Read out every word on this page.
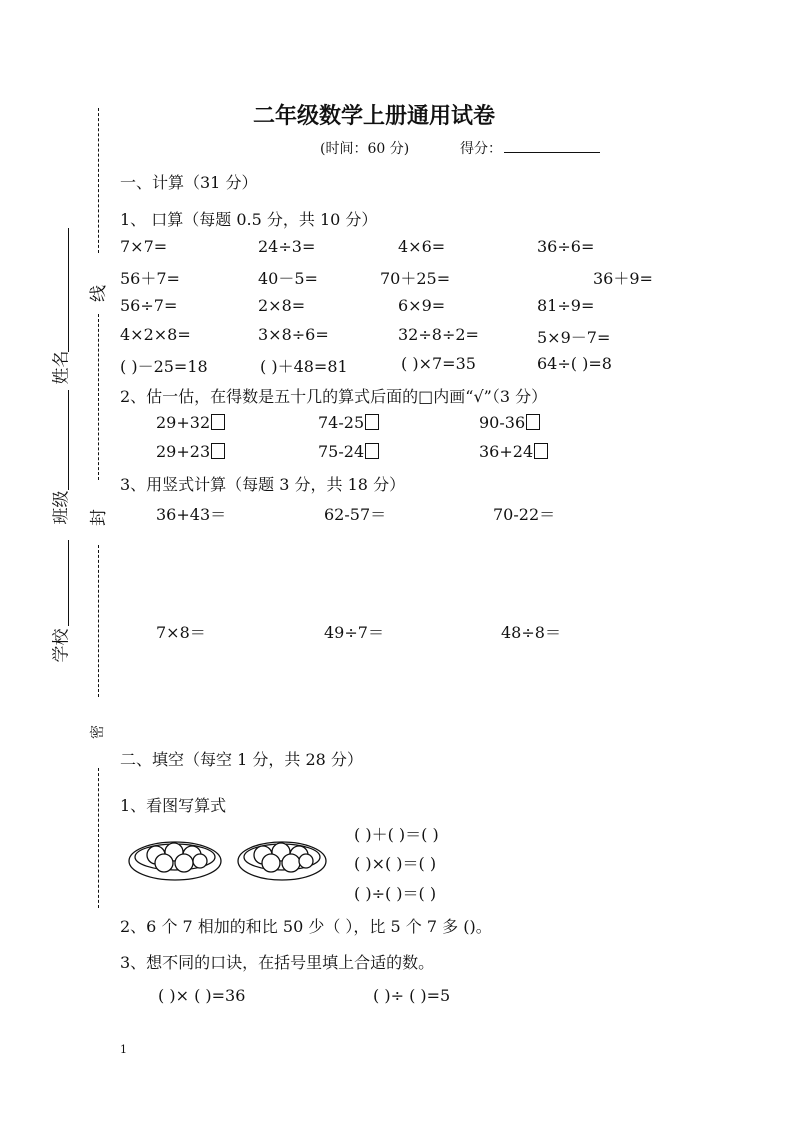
二年级数学上册通用试卷
(时间：60 分)	得分：
线
封
密
姓名
班级
学校
一、计算（31 分）
1、 口算（每题 0.5 分，共 10 分）
7×7=	24÷3=	4×6=	36÷6=
56＋7=	40－5=	70＋25=	36＋9=
56÷7=	2×8=	6×9=	81÷9=
4×2×8=	3×8÷6=	32÷8÷2=	5×9－7=
( )－25=18	( )＋48=81	( )×7=35	64÷( )=8
2、估一估，在得数是五十几的算式后面的□内画“√”（3 分）
29+32	74-25	90-36
29+23	75-24	36+24
3、用竖式计算（每题 3 分，共 18 分）
36+43＝	62-57＝	70-22＝
7×8＝	49÷7＝	48÷8＝
二、填空（每空 1 分，共 28 分）
1、看图写算式
( )＋( )＝( )
( )×( )＝( )
( )÷( )＝( )
2、6 个 7 相加的和比 50 少（ ），比 5 个 7 多 ()。
3、想不同的口诀，在括号里填上合适的数。
( )× ( )=36	( )÷ ( )=5
1
